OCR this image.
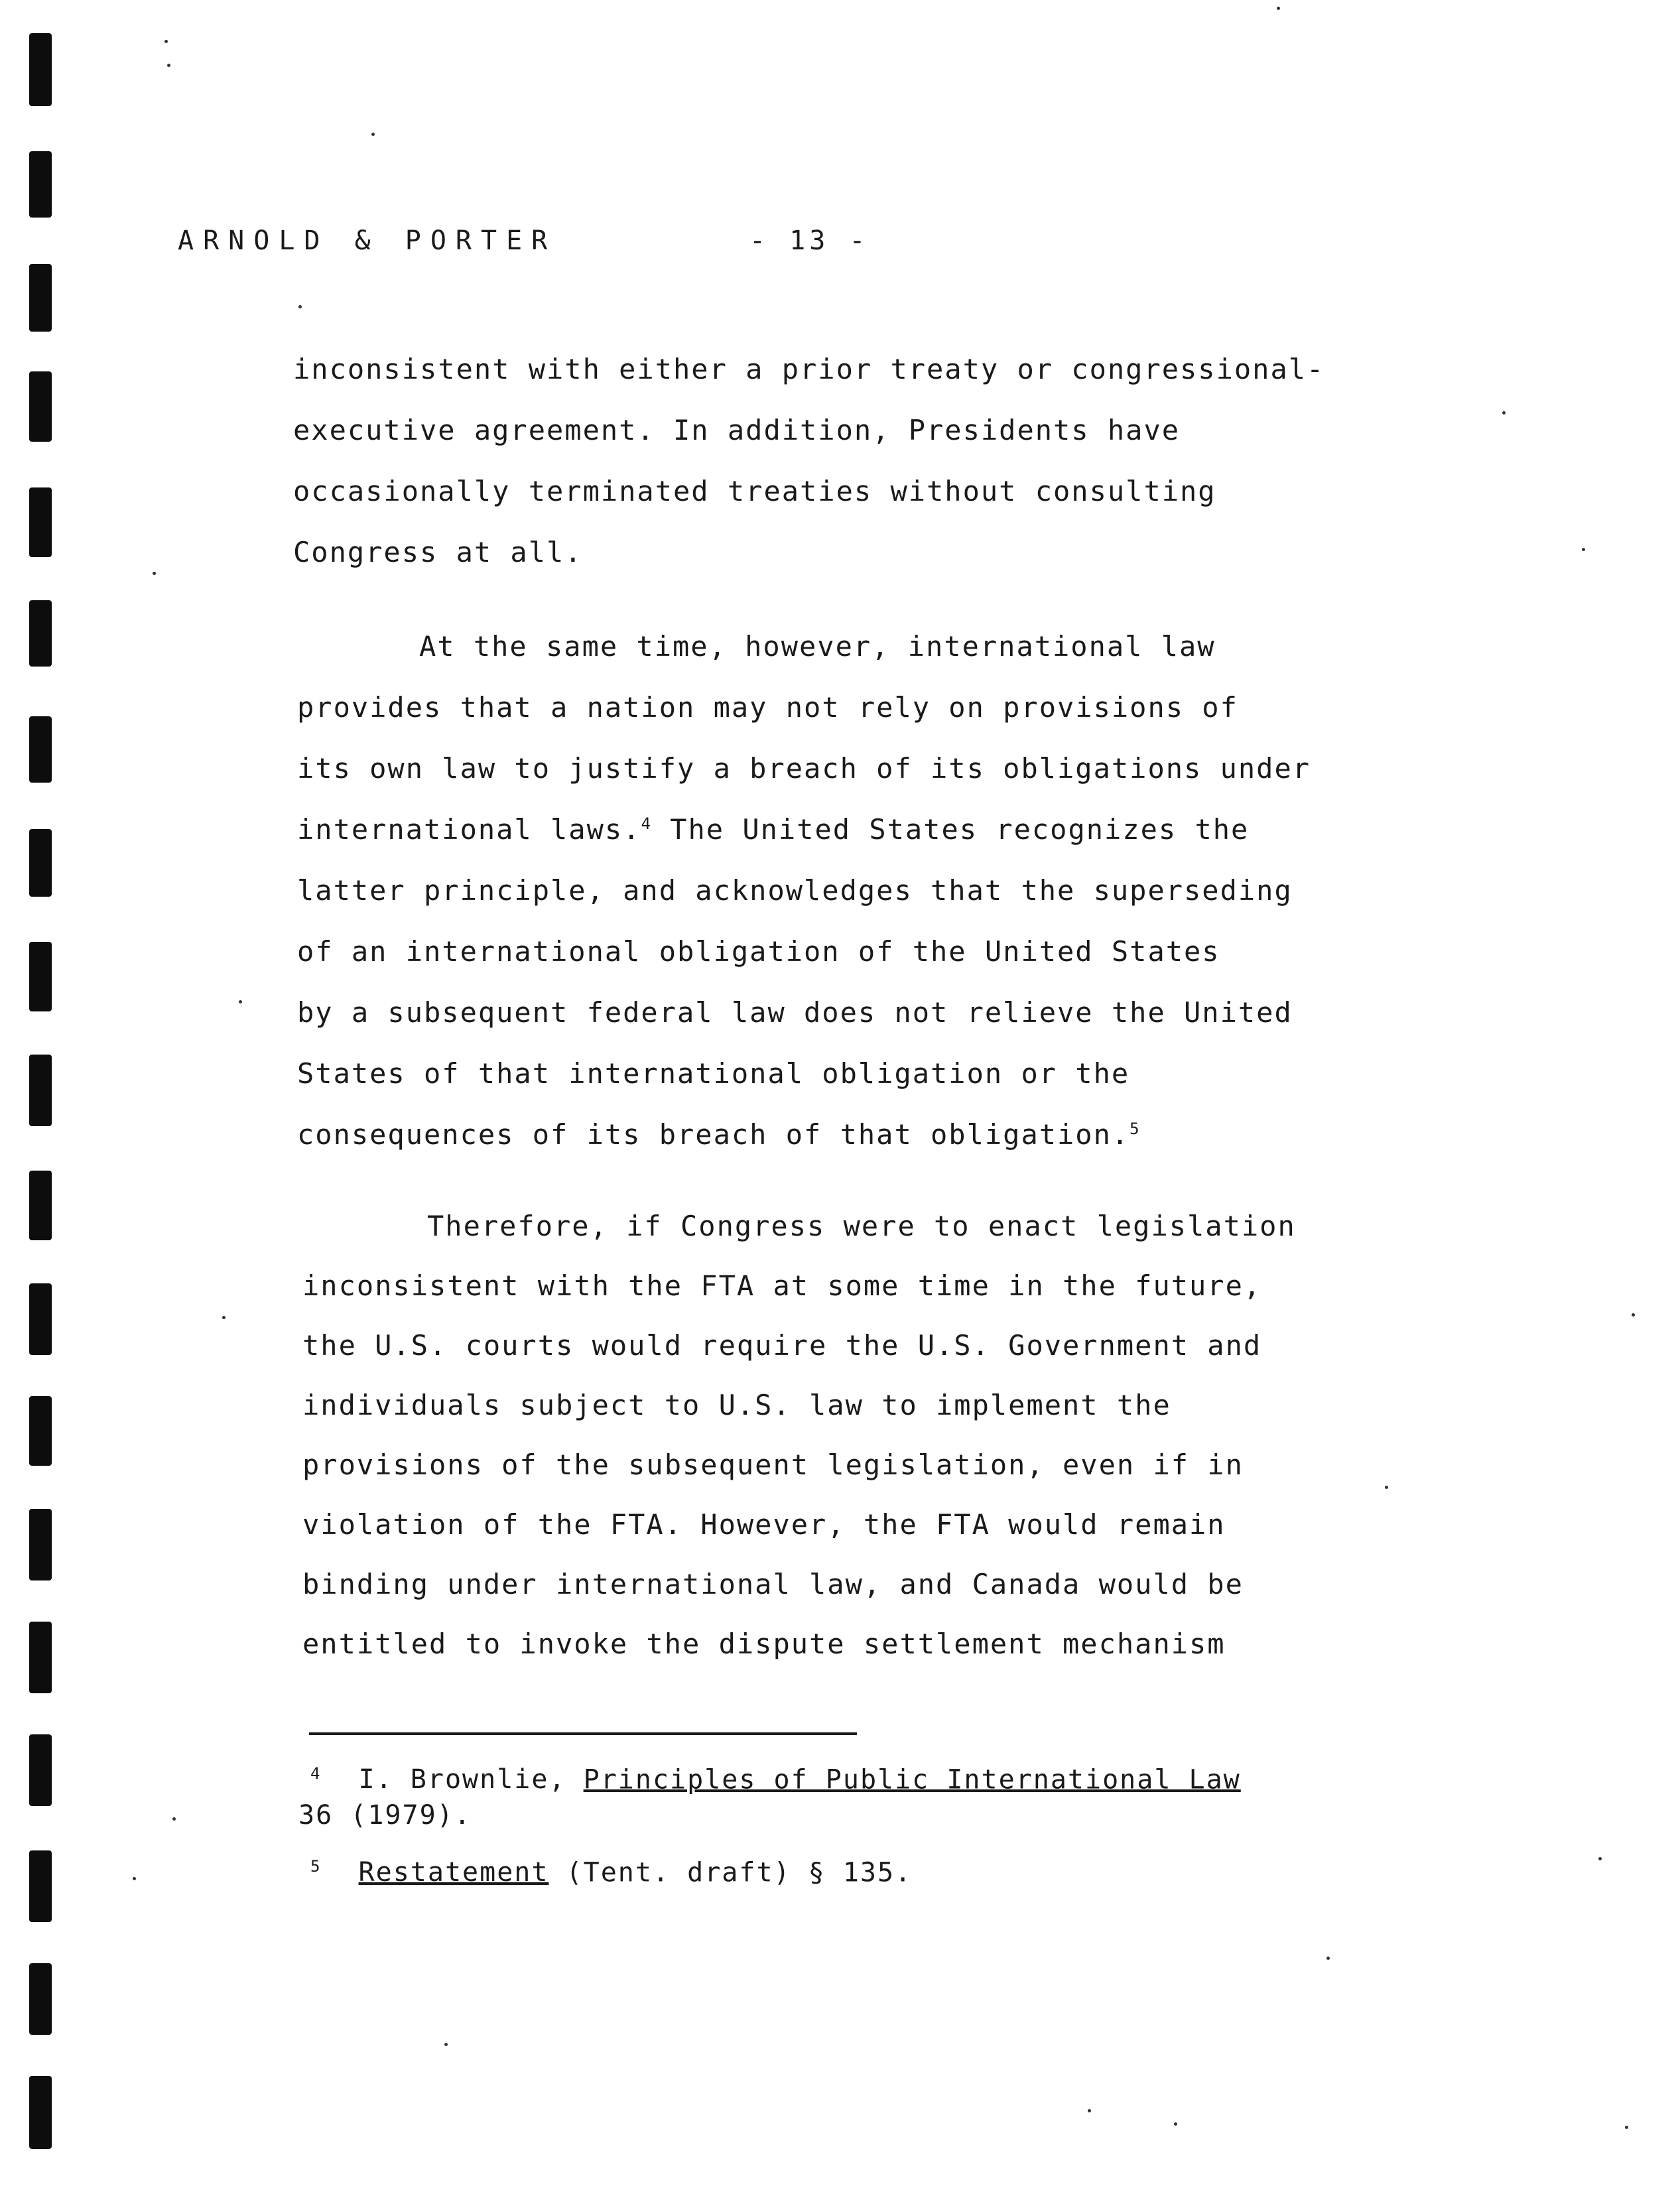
ARNOLD & PORTER	- 13 -
inconsistent with either a prior treaty or congressional-
executive agreement. In addition, Presidents have
occasionally terminated treaties without consulting
Congress at all.
At the same time, however, international law
provides that a nation may not rely on provisions of
its own law to justify a breach of its obligations under
international laws.$^4$ The United States recognizes the
latter principle, and acknowledges that the superseding
of an international obligation of the United States
by a subsequent federal law does not relieve the United
States of that international obligation or the
consequences of its breach of that obligation.$^5$
Therefore, if Congress were to enact legislation
inconsistent with the FTA at some time in the future,
the U.S. courts would require the U.S. Government and
individuals subject to U.S. law to implement the
provisions of the subsequent legislation, even if in
violation of the FTA. However, the FTA would remain
binding under international law, and Canada would be
entitled to invoke the dispute settlement mechanism
$^4$ I. Brownlie, Principles of Public International Law
36 (1979).
$^5$ Restatement (Tent. draft) § 135.
